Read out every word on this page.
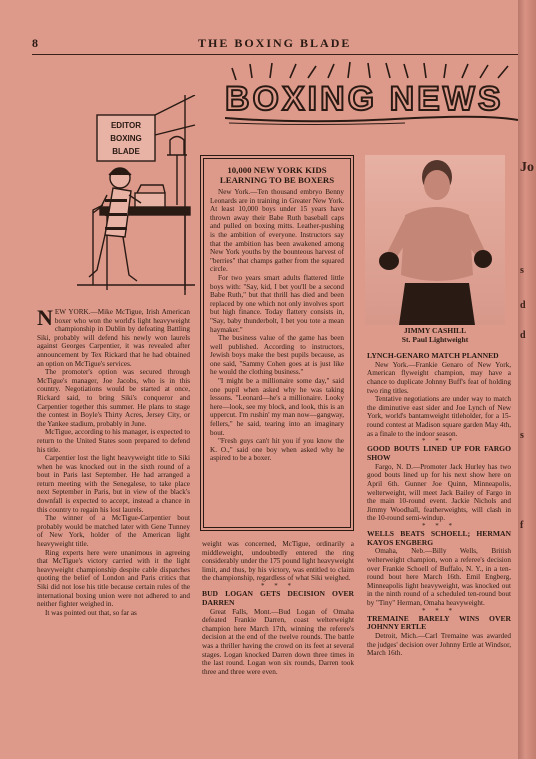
8	THE BOXING BLADE
BOXING NEWS
EDITOR
BOXING
BLADE

NEW YORK.—Mike McTigue, Irish American boxer who won the world's light heavyweight championship in Dublin by defeating Battling Siki, probably will defend his newly won laurels against Georges Carpentier, it was revealed after announcement by Tex Rickard that he had obtained an option on McTigue's services.

The promoter's option was secured through McTigue's manager, Joe Jacobs, who is in this country. Negotiations would be started at once, Rickard said, to bring Siki's conqueror and Carpentier together this summer. He plans to stage the contest in Boyle's Thirty Acres, Jersey City, or the Yankee stadium, probably in June.

McTigue, according to his manager, is expected to return to the United States soon prepared to defend his title.

Carpentier lost the light heavyweight title to Siki when he was knocked out in the sixth round of a bout in Paris last September. He had arranged a return meeting with the Senegalese, to take place next September in Paris, but in view of the black's downfall is expected to accept, instead a chance in this country to regain his lost laurels.

The winner of a McTigue-Carpentier bout probably would be matched later with Gene Tunney of New York, holder of the American light heavyweight title.

Ring experts here were unanimous in agreeing that McTigue's victory carried with it the light heavyweight championship despite cable dispatches quoting the belief of London and Paris critics that Siki did not lose his title because certain rules of the international boxing union were not adhered to and neither fighter weighed in.

It was pointed out that, so far as

10,000 NEW YORK KIDS LEARNING TO BE BOXERS

New York.—Ten thousand embryo Benny Leonards are in training in Greater New York. At least 10,000 boys under 15 years have thrown away their Babe Ruth baseball caps and pulled on boxing mitts. Leather-pushing is the ambition of everyone. Instructors say that the ambition has been awakened among New York youths by the bounteous harvest of "berries" that champs gather from the squared circle.

For two years smart adults flattered little boys with: "Say, kid, I bet you'll be a second Babe Ruth," but that thrill has died and been replaced by one which not only involves sport but high finance. Today flattery consists in, "Say, baby thunderbolt, I bet you tote a mean haymaker."

The business value of the game has been well published. According to instructors, Jewish boys make the best pupils because, as one said, "Sammy Cohen goes at is just like he would the clothing business."

"I might be a millionaire some day," said one pupil when asked why he was taking lessons. "Leonard—he's a millionaire. Looky here—look, see my block, and look, this is an uppercut. I'm rushin' my man now—gangway, fellers," he said, tearing into an imaginary bout.

"Fresh guys can't hit you if you know the K. O.," said one boy when asked why he aspired to be a boxer.

weight was concerned, McTigue, ordinarily a middleweight, undoubtedly entered the ring considerably under the 175 pound light heavyweight limit, and thus, by his victory, was entitled to claim the championship, regardless of what Siki weighed.

* * *

BUD LOGAN GETS DECISION OVER DARREN

Great Falls, Mont.—Bud Logan of Omaha defeated Frankie Darren, coast welterweight champion here March 17th, winning the referee's decision at the end of the twelve rounds. The battle was a thriller having the crowd on its feet at several stages. Logan knocked Darren down three times in the last round. Logan won six rounds, Darren took three and three were even.

JIMMY CASHILL
St. Paul Lightweight

LYNCH-GENARO MATCH PLANNED

New York.—Frankie Genaro of New York, American flyweight champion, may have a chance to duplicate Johnny Buff's feat of holding two ring titles.

Tentative negotiations are under way to match the diminutive east sider and Joe Lynch of New York, world's bantamweight titleholder, for a 15-round contest at Madison square garden May 4th, as a finale to the indoor season.

* * *

GOOD BOUTS LINED UP FOR FARGO SHOW

Fargo, N. D.—Promoter Jack Hurley has two good bouts lined up for his next show here on April 6th. Gunner Joe Quinn, Minneapolis, welterweight, will meet Jack Bailey of Fargo in the main 10-round event. Jackie Nichols and Jimmy Woodhall, featherweights, will clash in the 10-round semi-windup.

* * *

WELLS BEATS SCHOELL; HERMAN KAYOS ENGBERG

Omaha, Neb.—Billy Wells, British welterweight champion, won a referee's decision over Frankie Schoell of Buffalo, N. Y., in a ten-round bout here March 16th. Emil Engberg, Minneapolis light heavyweight, was knocked out in the ninth round of a scheduled ten-round bout by "Tiny" Herman, Omaha heavyweight.

* * *

TREMAINE BARELY WINS OVER JOHNNY ERTLE

Detroit, Mich.—Carl Tremaine was awarded the judges' decision over Johnny Ertle at Windsor, March 16th.

Jo
s
d
d
s
f
